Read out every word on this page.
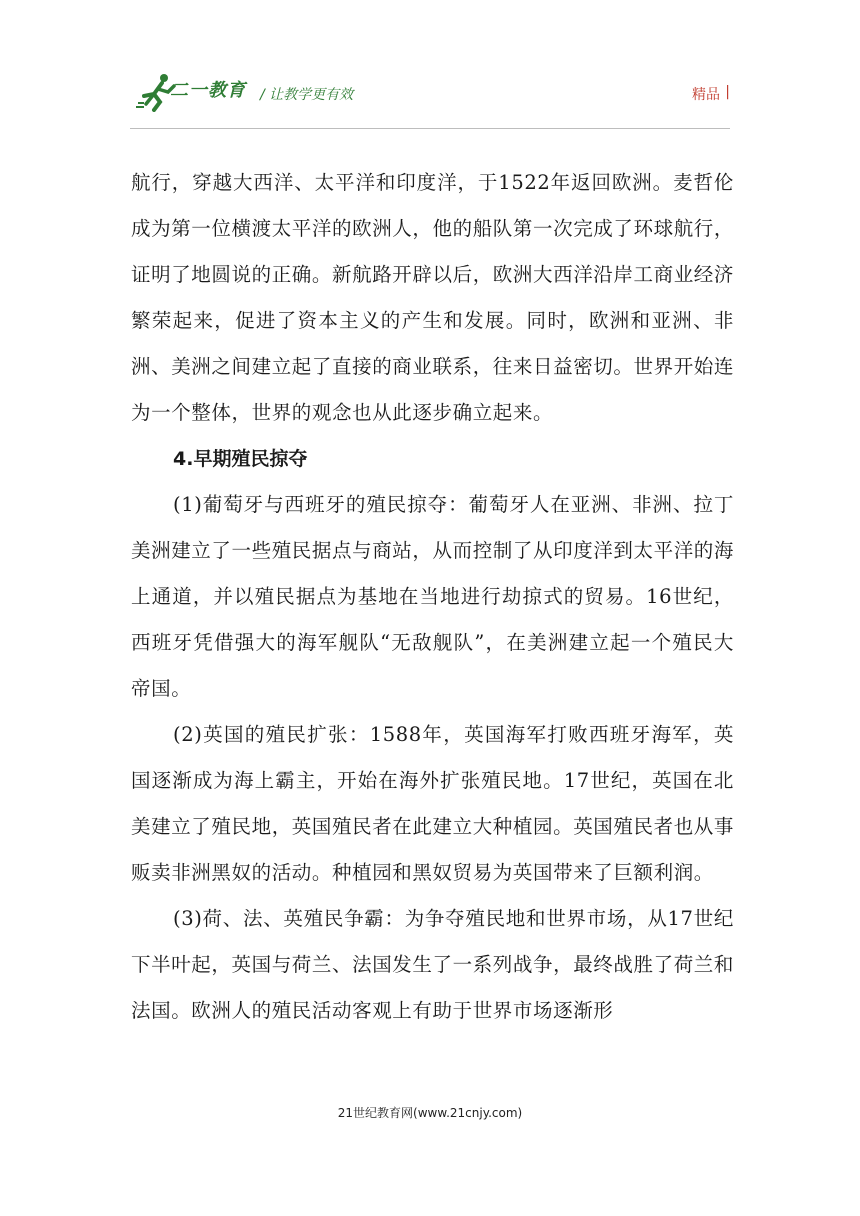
二一教育 / 让教学更有效	精品 |

航行，穿越大西洋、太平洋和印度洋，于1522年返回欧洲。麦哲伦成为第一位横渡太平洋的欧洲人，他的船队第一次完成了环球航行，证明了地圆说的正确。新航路开辟以后，欧洲大西洋沿岸工商业经济繁荣起来，促进了资本主义的产生和发展。同时，欧洲和亚洲、非洲、美洲之间建立起了直接的商业联系，往来日益密切。世界开始连为一个整体，世界的观念也从此逐步确立起来。

4.早期殖民掠夺

(1)葡萄牙与西班牙的殖民掠夺：葡萄牙人在亚洲、非洲、拉丁美洲建立了一些殖民据点与商站，从而控制了从印度洋到太平洋的海上通道，并以殖民据点为基地在当地进行劫掠式的贸易。16世纪，西班牙凭借强大的海军舰队“无敌舰队”，在美洲建立起一个殖民大帝国。

(2)英国的殖民扩张：1588年，英国海军打败西班牙海军，英国逐渐成为海上霸主，开始在海外扩张殖民地。17世纪，英国在北美建立了殖民地，英国殖民者在此建立大种植园。英国殖民者也从事贩卖非洲黑奴的活动。种植园和黑奴贸易为英国带来了巨额利润。

(3)荷、法、英殖民争霸：为争夺殖民地和世界市场，从17世纪下半叶起，英国与荷兰、法国发生了一系列战争，最终战胜了荷兰和法国。欧洲人的殖民活动客观上有助于世界市场逐渐形

21世纪教育网(www.21cnjy.com)
